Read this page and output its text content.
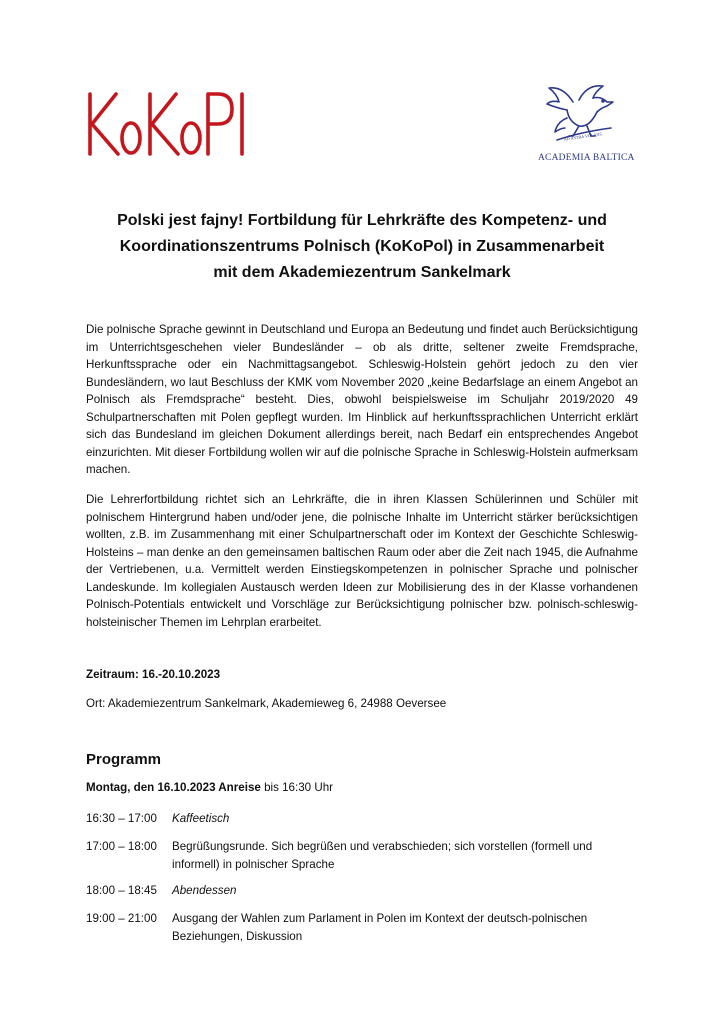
AD ASTRA VOLANS
ACADEMIA BALTICA
Polski jest fajny! Fortbildung für Lehrkräfte des Kompetenz- und
Koordinationszentrums Polnisch (KoKoPol) in Zusammenarbeit
mit dem Akademiezentrum Sankelmark
Die polnische Sprache gewinnt in Deutschland und Europa an Bedeutung und findet auch Berücksichtigung im Unterrichtsgeschehen vieler Bundesländer – ob als dritte, seltener zweite Fremdsprache, Herkunftssprache oder ein Nachmittagsangebot. Schleswig-Holstein gehört jedoch zu den vier Bundesländern, wo laut Beschluss der KMK vom November 2020 „keine Bedarfslage an einem Angebot an Polnisch als Fremdsprache“ besteht. Dies, obwohl beispielsweise im Schuljahr 2019/2020 49 Schulpartnerschaften mit Polen gepflegt wurden. Im Hinblick auf herkunftssprachlichen Unterricht erklärt sich das Bundesland im gleichen Dokument allerdings bereit, nach Bedarf ein entsprechendes Angebot einzurichten. Mit dieser Fortbildung wollen wir auf die polnische Sprache in Schleswig-Holstein aufmerksam machen.
Die Lehrerfortbildung richtet sich an Lehrkräfte, die in ihren Klassen Schülerinnen und Schüler mit polnischem Hintergrund haben und/oder jene, die polnische Inhalte im Unterricht stärker berücksichtigen wollten, z.B. im Zusammenhang mit einer Schulpartnerschaft oder im Kontext der Geschichte Schleswig-Holsteins – man denke an den gemeinsamen baltischen Raum oder aber die Zeit nach 1945, die Aufnahme der Vertriebenen, u.a. Vermittelt werden Einstiegskompetenzen in polnischer Sprache und polnischer Landeskunde. Im kollegialen Austausch werden Ideen zur Mobilisierung des in der Klasse vorhandenen Polnisch-Potentials entwickelt und Vorschläge zur Berücksichtigung polnischer bzw. polnisch-schleswig-holsteinischer Themen im Lehrplan erarbeitet.
Zeitraum: 16.-20.10.2023
Ort: Akademiezentrum Sankelmark, Akademieweg 6, 24988 Oeversee
Programm
Montag, den 16.10.2023 Anreise bis 16:30 Uhr
16:30 – 17:00	Kaffeetisch
17:00 – 18:00	Begrüßungsrunde. Sich begrüßen und verabschieden; sich vorstellen (formell und informell) in polnischer Sprache
18:00 – 18:45	Abendessen
19:00 – 21:00	Ausgang der Wahlen zum Parlament in Polen im Kontext der deutsch-polnischen Beziehungen, Diskussion
